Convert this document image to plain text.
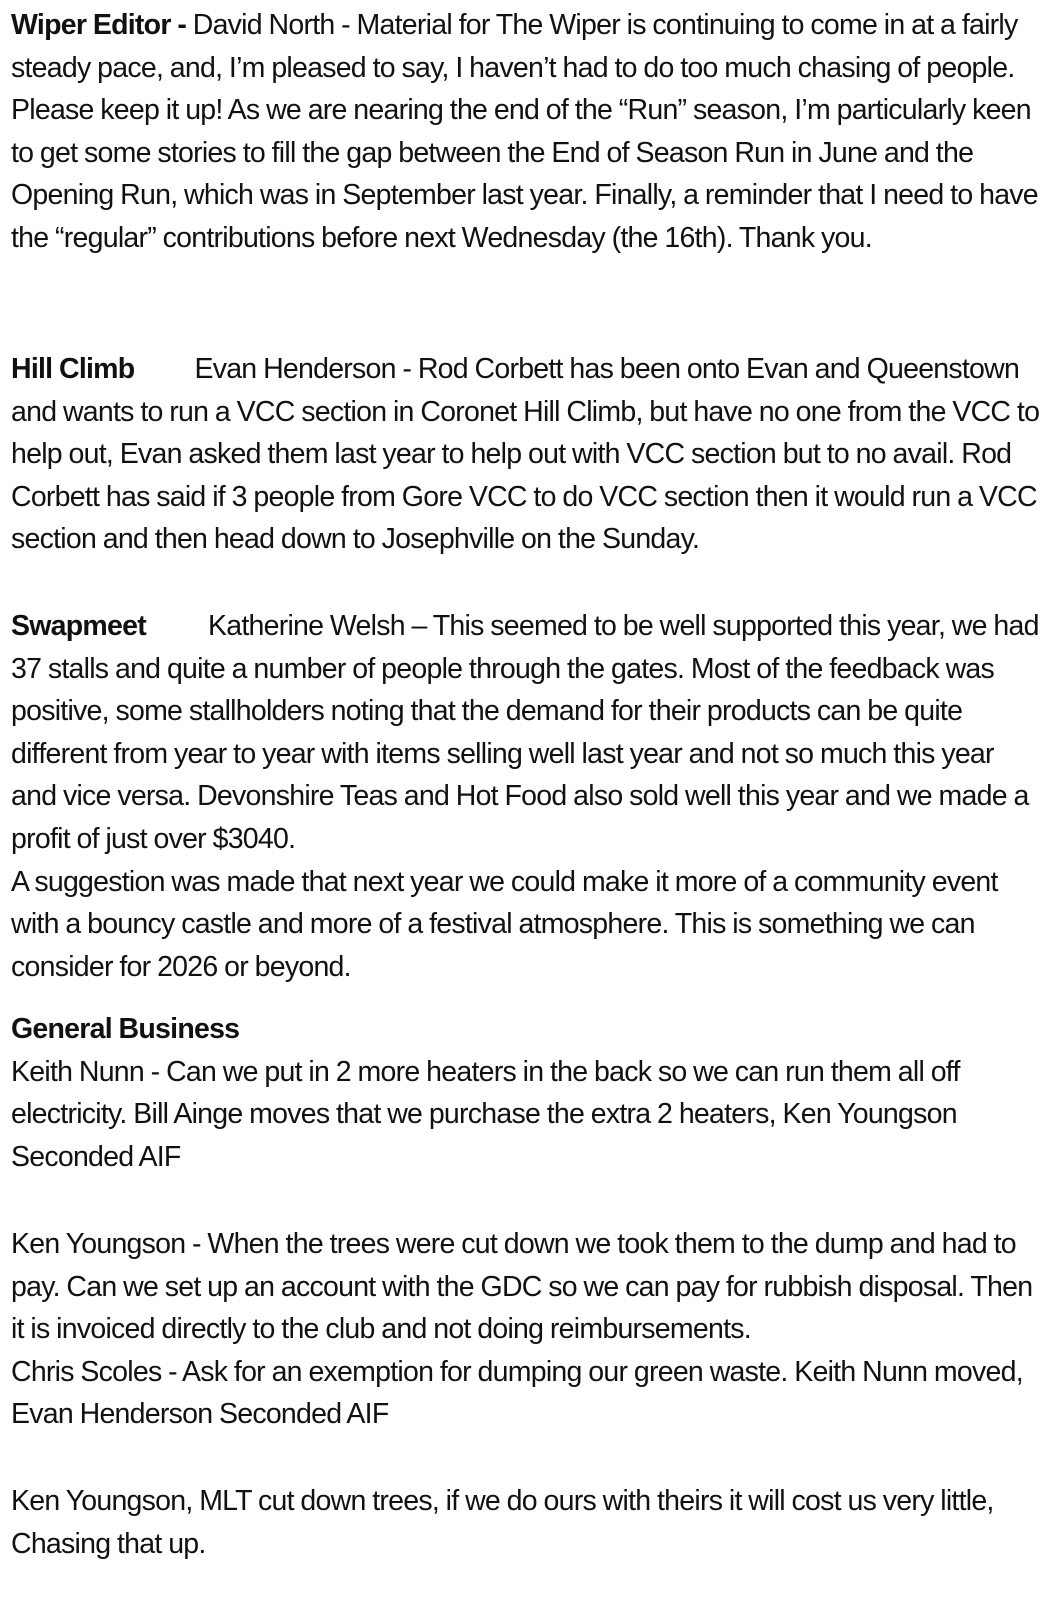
Wiper Editor - David North - Material for The Wiper is continuing to come in at a fairly steady pace, and, I’m pleased to say, I haven’t had to do too much chasing of people. Please keep it up! As we are nearing the end of the “Run” season, I’m particularly keen to get some stories to fill the gap between the End of Season Run in June and the Opening Run, which was in September last year. Finally, a reminder that I need to have the “regular” contributions before next Wednesday (the 16th). Thank you.

Hill Climb Evan Henderson - Rod Corbett has been onto Evan and Queenstown and wants to run a VCC section in Coronet Hill Climb, but have no one from the VCC to help out, Evan asked them last year to help out with VCC section but to no avail. Rod Corbett has said if 3 people from Gore VCC to do VCC section then it would run a VCC section and then head down to Josephville on the Sunday.

Swapmeet Katherine Welsh – This seemed to be well supported this year, we had 37 stalls and quite a number of people through the gates. Most of the feedback was positive, some stallholders noting that the demand for their products can be quite different from year to year with items selling well last year and not so much this year and vice versa. Devonshire Teas and Hot Food also sold well this year and we made a profit of just over $3040.
A suggestion was made that next year we could make it more of a community event with a bouncy castle and more of a festival atmosphere. This is something we can consider for 2026 or beyond.
General Business
Keith Nunn - Can we put in 2 more heaters in the back so we can run them all off electricity. Bill Ainge moves that we purchase the extra 2 heaters, Ken Youngson Seconded AIF
Ken Youngson - When the trees were cut down we took them to the dump and had to pay. Can we set up an account with the GDC so we can pay for rubbish disposal. Then it is invoiced directly to the club and not doing reimbursements.
Chris Scoles - Ask for an exemption for dumping our green waste. Keith Nunn moved, Evan Henderson Seconded AIF
Ken Youngson, MLT cut down trees, if we do ours with theirs it will cost us very little, Chasing that up.
